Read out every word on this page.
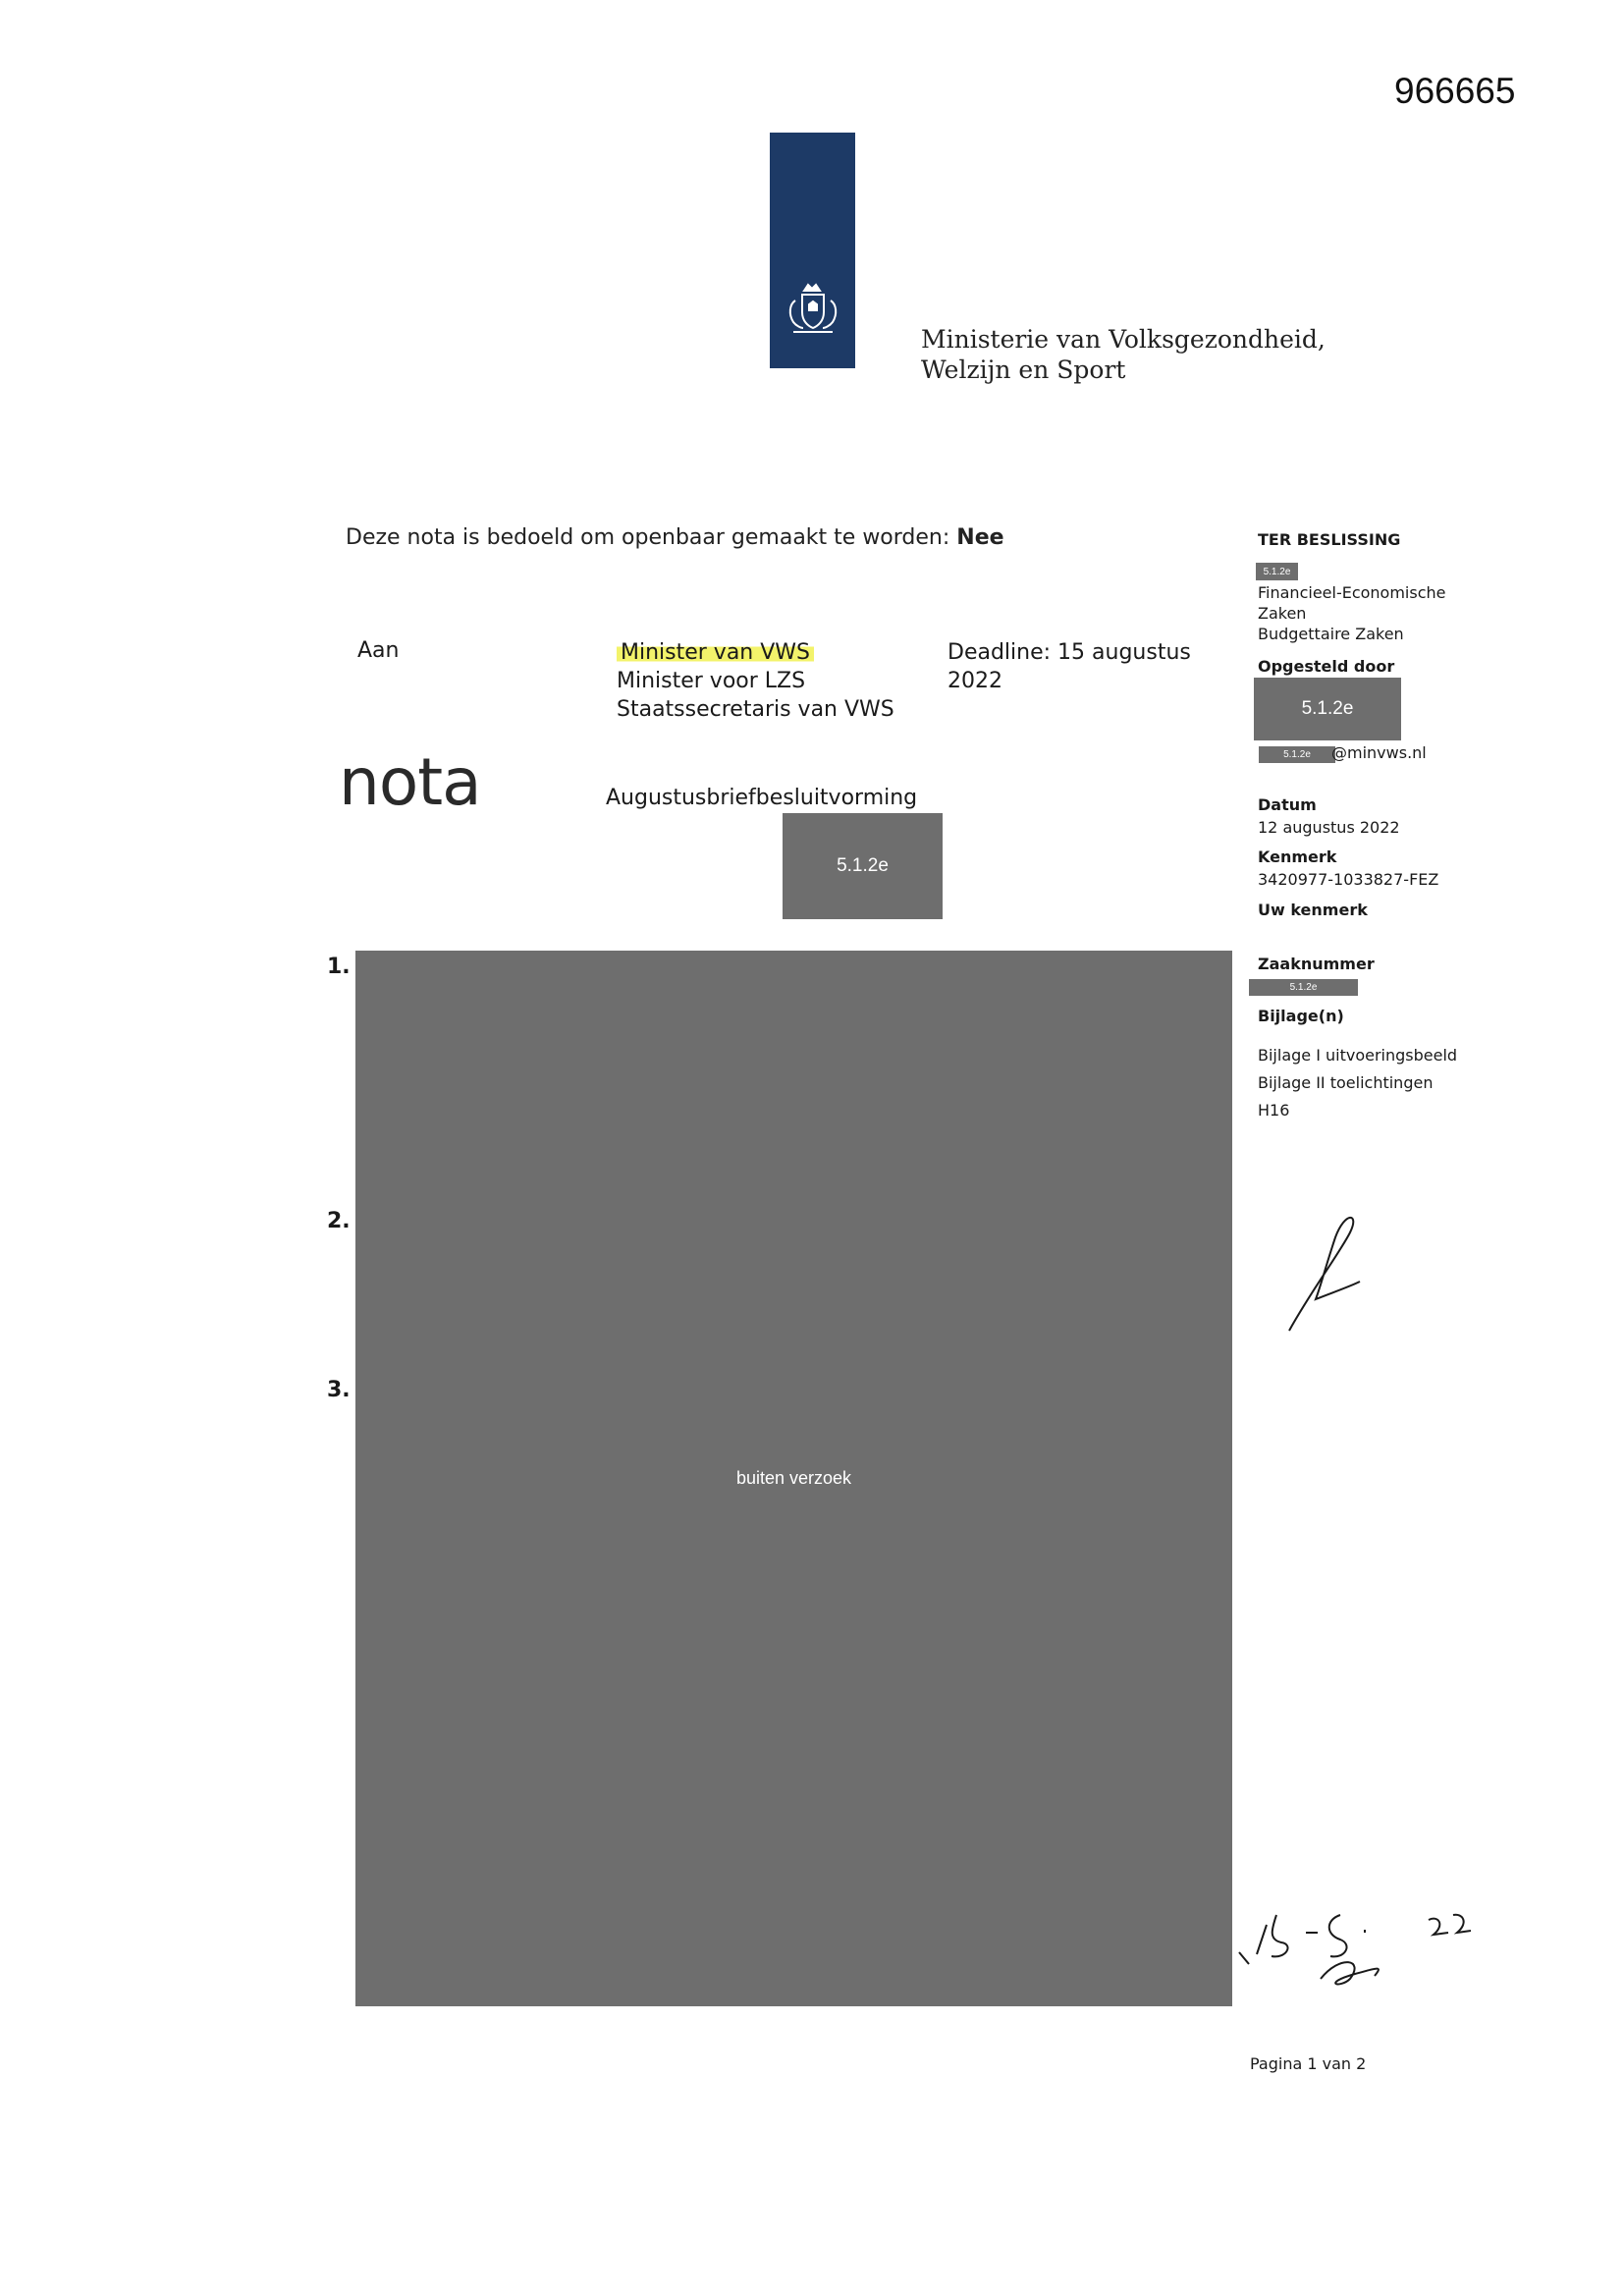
966665
Ministerie van Volksgezondheid,
Welzijn en Sport
Deze nota is bedoeld om openbaar gemaakt te worden: Nee
Aan	Minister van VWS
Minister voor LZS
Staatssecretaris van VWS
Deadline: 15 augustus
2022
nota	Augustusbriefbesluitvorming
5.1.2e
1.
2.
3.
buiten verzoek
TER BESLISSING
5.1.2e
Financieel-Economische
Zaken
Budgettaire Zaken
Opgesteld door
5.1.2e
5.1.2e	@minvws.nl
Datum
12 augustus 2022
Kenmerk
3420977-1033827-FEZ
Uw kenmerk
Zaaknummer
5.1.2e
Bijlage(n)
Bijlage I uitvoeringsbeeld
Bijlage II toelichtingen
H16
Pagina 1 van 2
